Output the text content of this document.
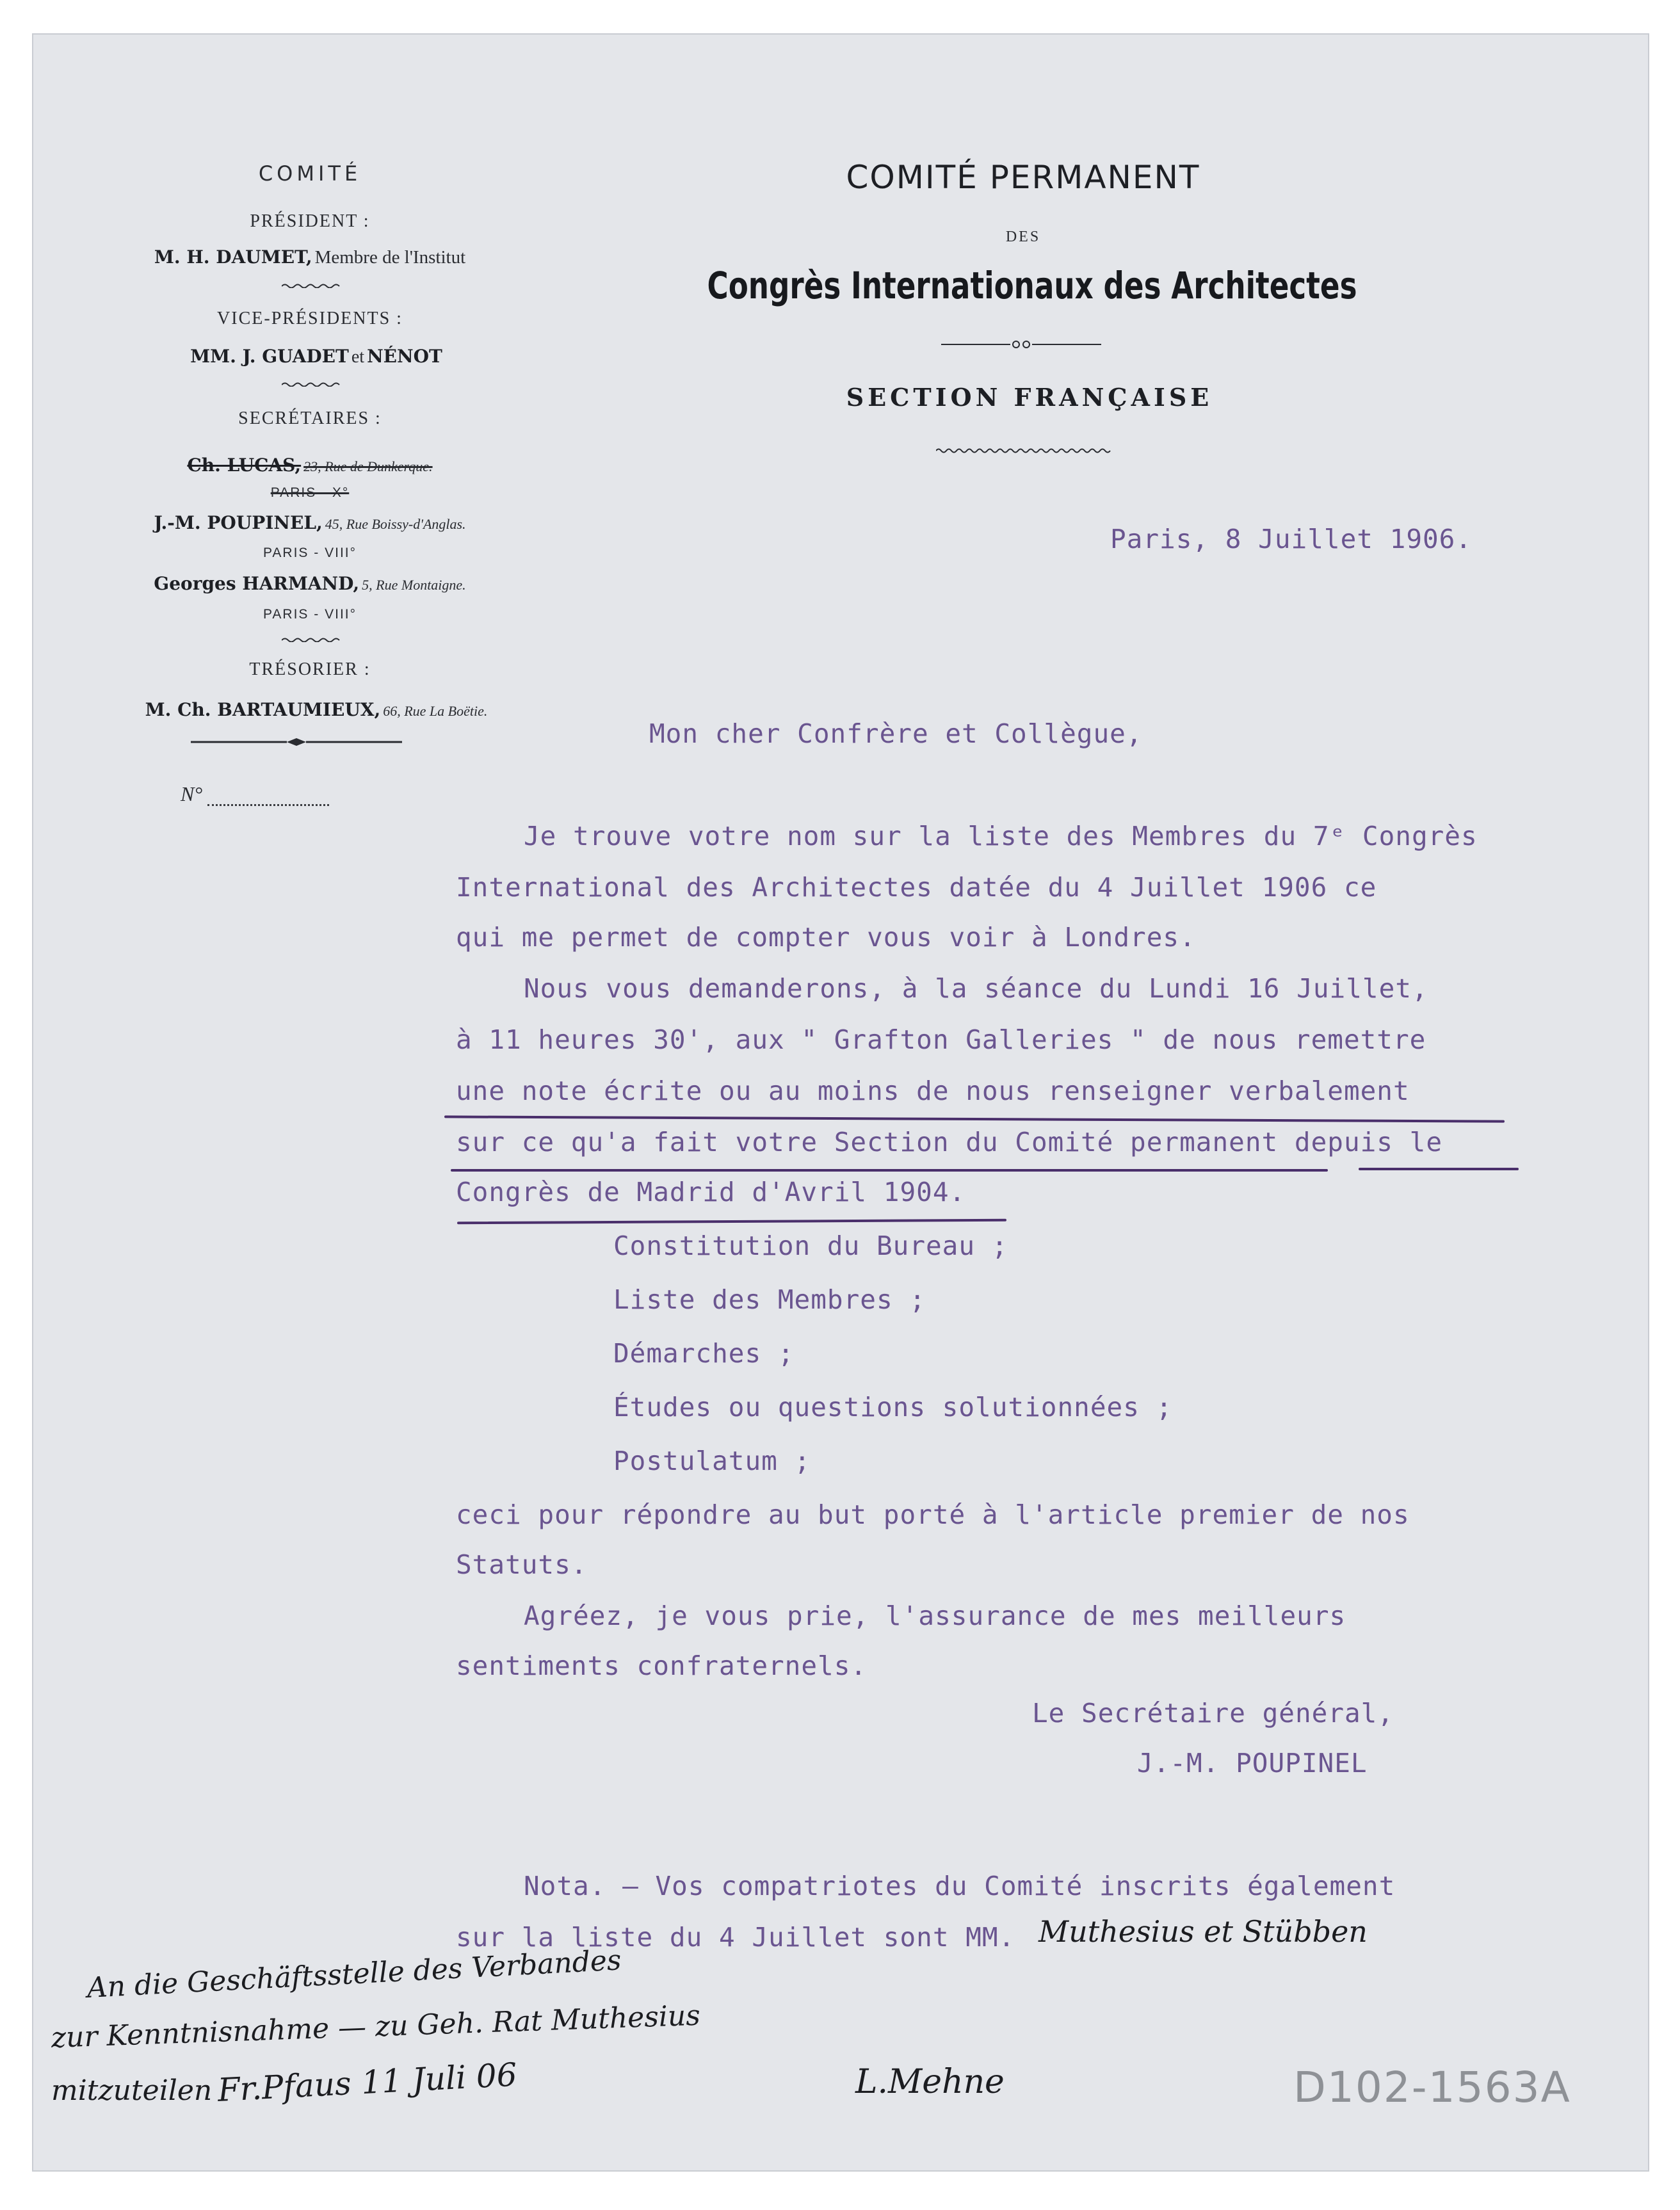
COMITÉ
PRÉSIDENT :
M. H. DAUMET, Membre de l'Institut
VICE-PRÉSIDENTS :
MM. J. GUADET et NÉNOT
SECRÉTAIRES :
Ch. LUCAS, 23, Rue de Dunkerque.
PARIS - X°
J.-M. POUPINEL, 45, Rue Boissy-d'Anglas.
PARIS - VIII°
Georges HARMAND, 5, Rue Montaigne.
PARIS - VIII°
TRÉSORIER :
M. Ch. BARTAUMIEUX, 66, Rue La Boëtie.
N°
COMITÉ PERMANENT
DES
Congrès Internationaux des Architectes
SECTION FRANÇAISE
Paris, 8 Juillet 1906.
Mon cher Confrère et Collègue,
Je trouve votre nom sur la liste des Membres du 7ᵉ Congrès
International des Architectes datée du 4 Juillet 1906 ce
qui me permet de compter vous voir à Londres.
Nous vous demanderons, à la séance du Lundi 16 Juillet,
à 11 heures 30', aux " Grafton Galleries " de nous remettre
une note écrite ou au moins de nous renseigner verbalement
sur ce qu'a fait votre Section du Comité permanent depuis le
Congrès de Madrid d'Avril 1904.
Constitution du Bureau ;
Liste des Membres ;
Démarches ;
Études ou questions solutionnées ;
Postulatum ;
ceci pour répondre au but porté à l'article premier de nos
Statuts.
Agréez, je vous prie, l'assurance de mes meilleurs
sentiments confraternels.
Le Secrétaire général,
J.-M. POUPINEL
Nota. — Vos compatriotes du Comité inscrits également
sur la liste du 4 Juillet sont MM. Muthesius et Stübben
An die Geschäftsstelle des Verbandes
zur Kenntnisnahme — zu Geh. Rat Muthesius
mitzuteilen Fr.Pfaus 11 Juli 06	L.Mehne	D102-1563A
